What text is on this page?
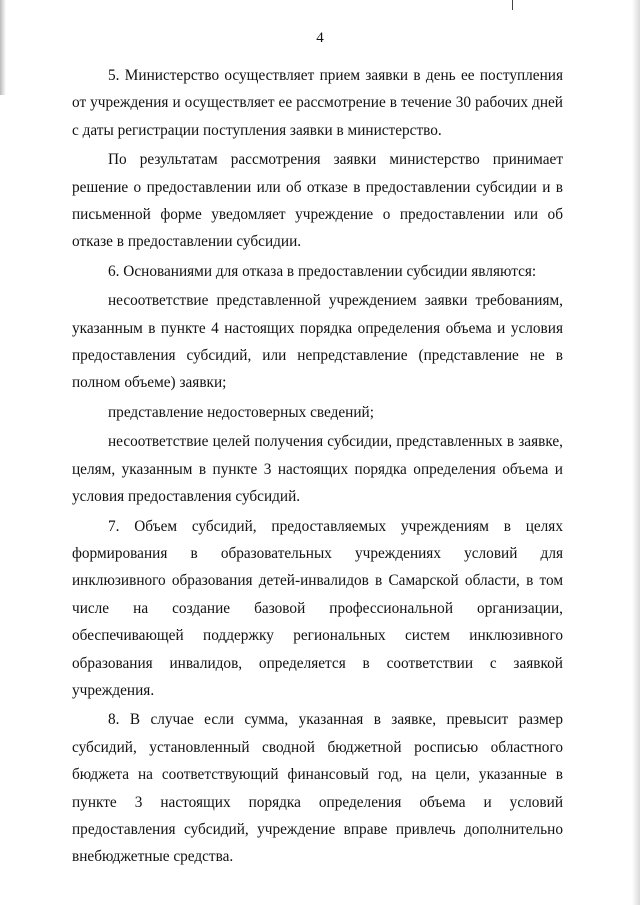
4

5. Министерство осуществляет прием заявки в день ее поступления от учреждения и осуществляет ее рассмотрение в течение 30 рабочих дней с даты регистрации поступления заявки в министерство.

По результатам рассмотрения заявки министерство принимает решение о предоставлении или об отказе в предоставлении субсидии и в письменной форме уведомляет учреждение о предоставлении или об отказе в предоставлении субсидии.

6. Основаниями для отказа в предоставлении субсидии являются:

несоответствие представленной учреждением заявки требованиям, указанным в пункте 4 настоящих порядка определения объема и условия предоставления субсидий, или непредставление (представление не в полном объеме) заявки;

представление недостоверных сведений;

несоответствие целей получения субсидии, представленных в заявке, целям, указанным в пункте 3 настоящих порядка определения объема и условия предоставления субсидий.

7. Объем субсидий, предоставляемых учреждениям в целях формирования в образовательных учреждениях условий для инклюзивного образования детей-инвалидов в Самарской области, в том числе на создание базовой профессиональной организации, обеспечивающей поддержку региональных систем инклюзивного образования инвалидов, определяется в соответствии с заявкой учреждения.

8. В случае если сумма, указанная в заявке, превысит размер субсидий, установленный сводной бюджетной росписью областного бюджета на соответствующий финансовый год, на цели, указанные в пункте 3 настоящих порядка определения объема и условий предоставления субсидий, учреждение вправе привлечь дополнительно внебюджетные средства.
